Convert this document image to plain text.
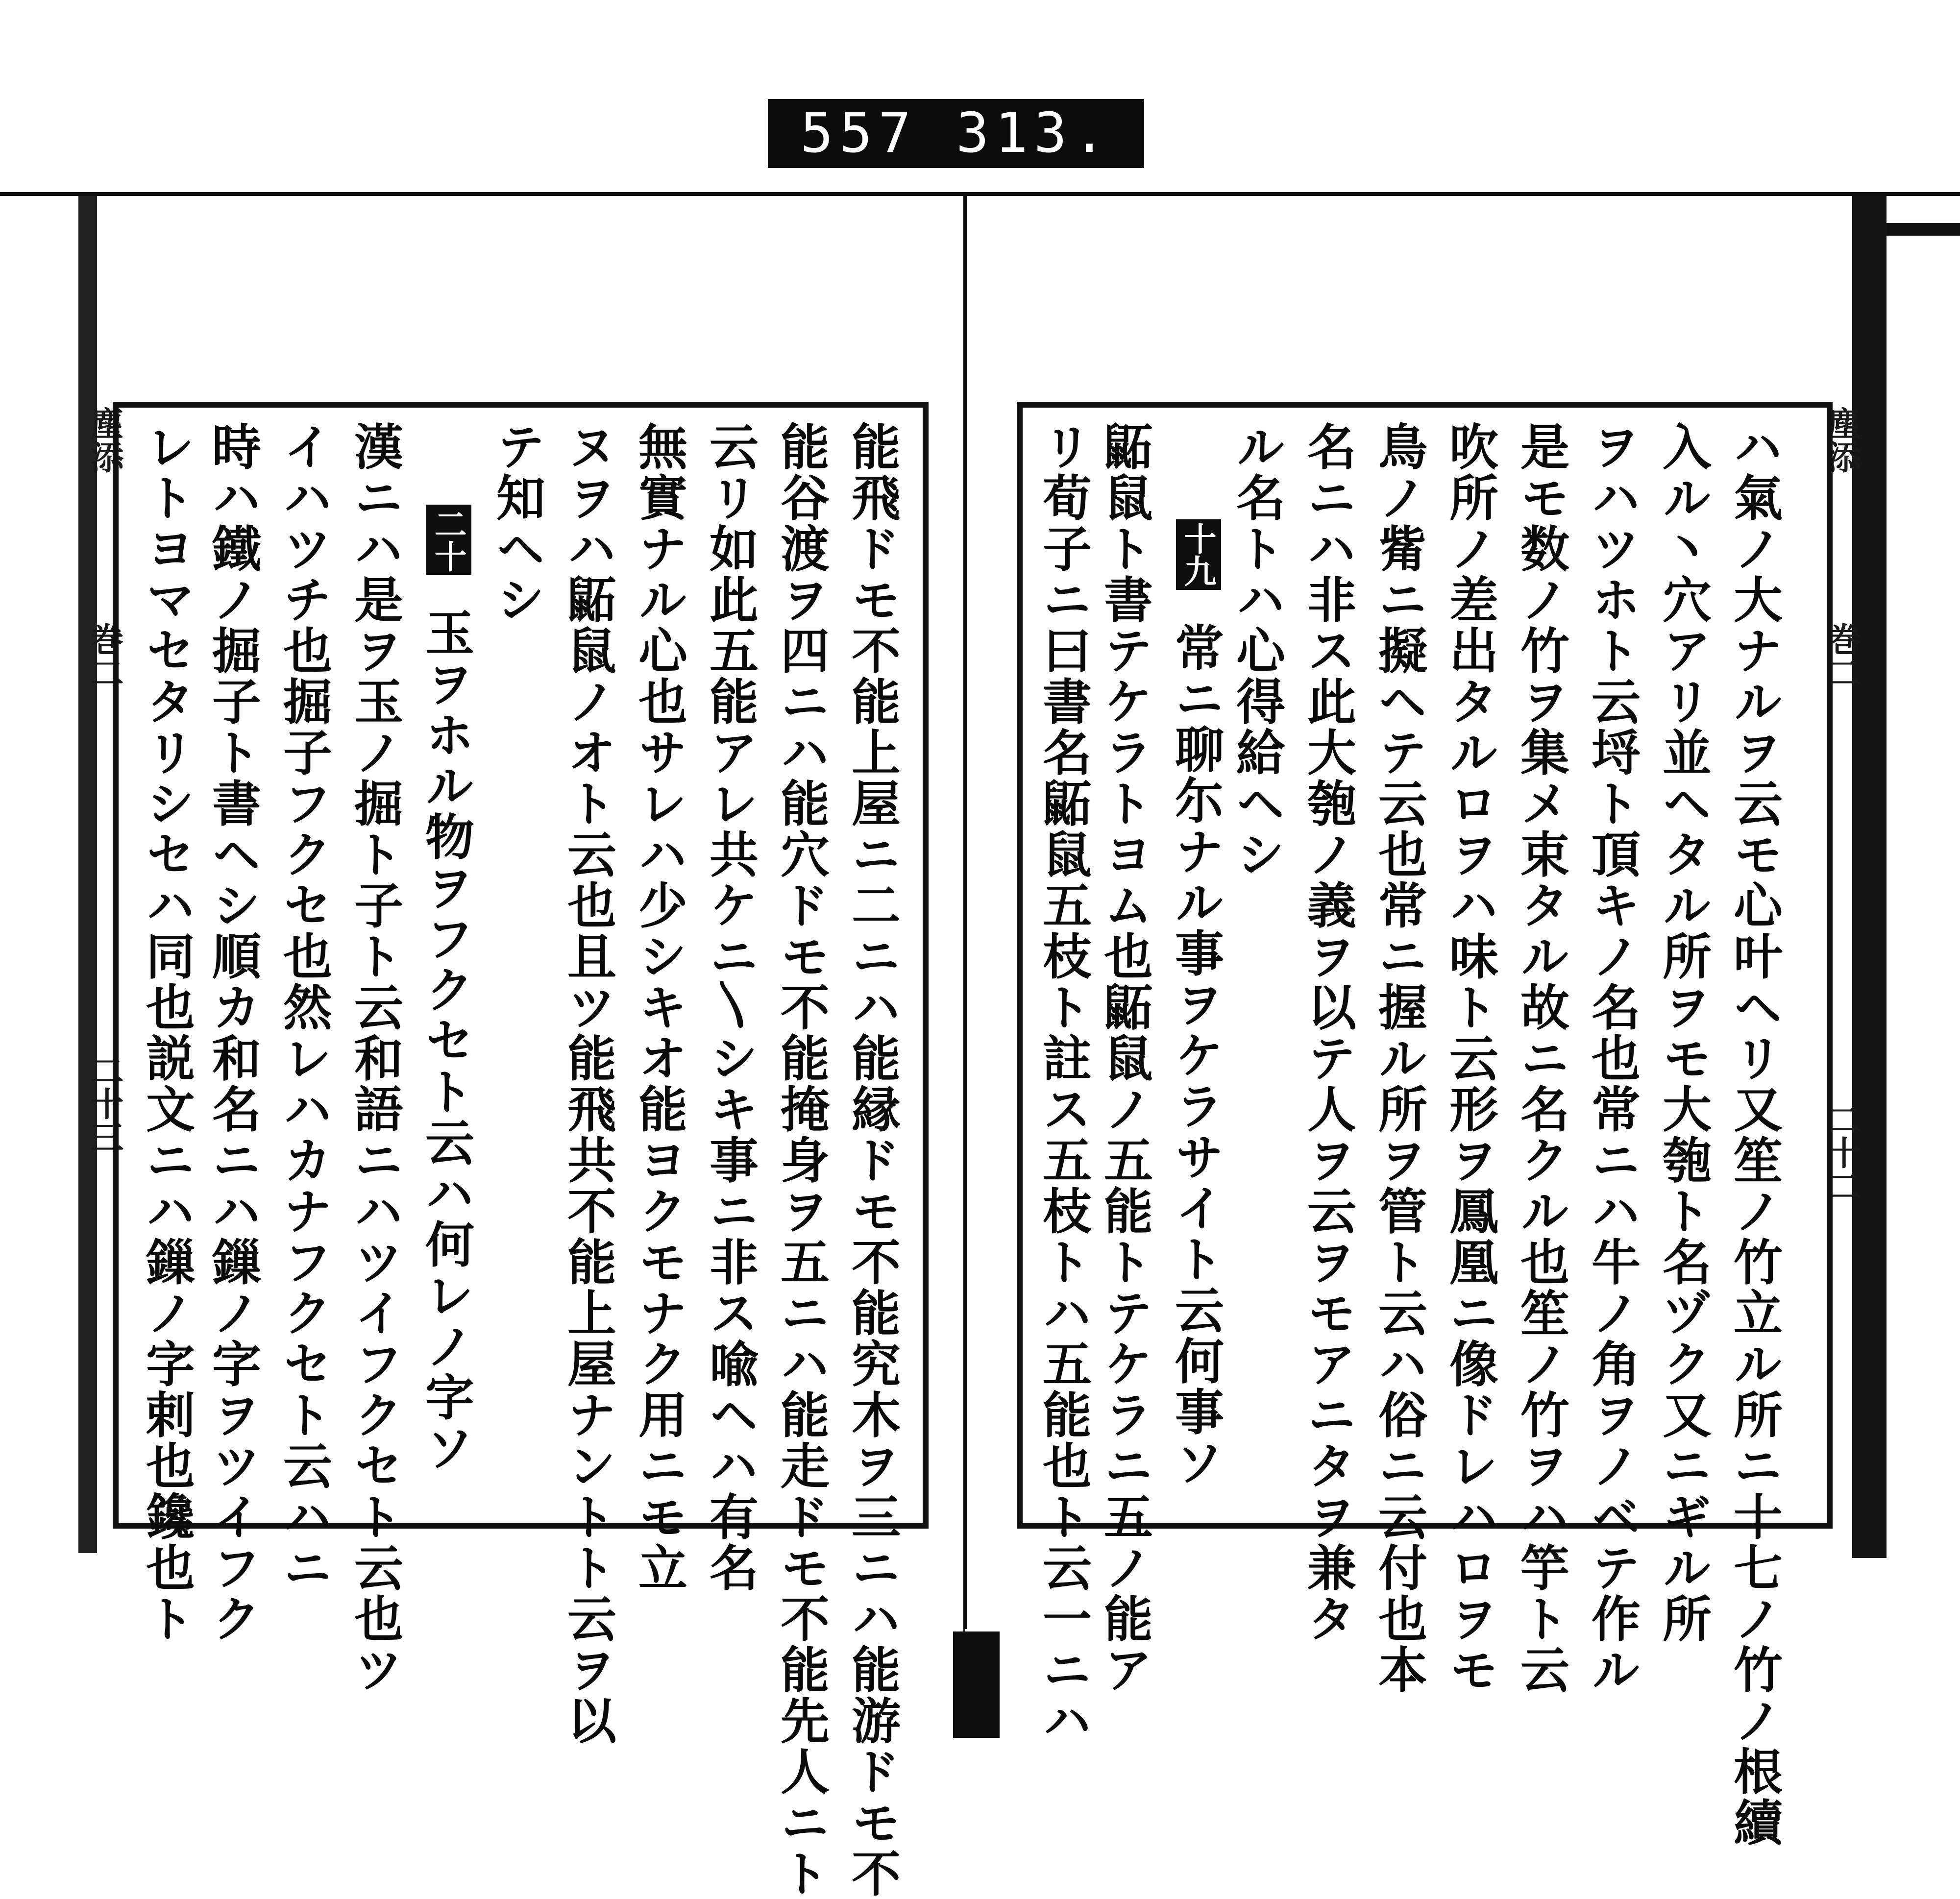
557 313.
塵添
巻二
二十二
塵添
巻二
二十三	ハ氣ノ大ナルヲ云モ心叶ヘリ又笙ノ竹立ル所ニ十七ノ竹ノ根續
入ル丶穴アリ並ヘタル所ヲモ大匏ト名ヅク又ニギル所
ヲハツホト云埒ト頂キノ名也常ニハ牛ノ角ヲノベテ作ル
是モ数ノ竹ヲ集メ束タル故ニ名クル也笙ノ竹ヲハ竽ト云
吹所ノ差出タルロヲハ味ト云形ヲ鳳凰ニ像ドレハロヲモ
鳥ノ觜ニ擬ヘテ云也常ニ握ル所ヲ管ト云ハ俗ニ云付也本
名ニハ非ス此大匏ノ義ヲ以テ人ヲ云ヲモアニタヲ兼タ
ル名トハ心得給ヘシ
十九
常ニ聊尓ナル事ヲケラサイト云何事ソ
鼫鼠ト書テケラトヨム也鼫鼠ノ五能トテケラニ五ノ能ア
リ荀子ニ曰書名鼫鼠五枝ト註ス五枝トハ五能也ト云一ニハ
能飛ドモ不能上屋ニ二ニハ能縁ドモ不能究木ヲ三ニハ能游ドモ不
能谷渡ヲ四ニハ能穴ドモ不能掩身ヲ五ニハ能走ドモ不能先人ニト
云リ如此五能アレ共ケニ〵シキ事ニ非ス喩ヘハ有名
無實ナル心也サレハ少シキオ能ヨクモナク用ニモ立
ヌヲハ鼫鼠ノオト云也且ツ能飛共不能上屋ナントト云ヲ以
テ知ヘシ
二十
玉ヲホル物ヲフクセト云ハ何レノ字ソ
漢ニハ是ヲ玉ノ掘ト子ト云和語ニハツイフクセト云也ツ
イハツチ也掘子フクセ也然レハカナフクセト云ハニ
時ハ鐵ノ掘子ト書ヘシ順カ和名ニハ鏁ノ字ヲツイフク
レトヨマセタリシセハ同也説文ニハ鏁ノ字剌也鑱也ト
